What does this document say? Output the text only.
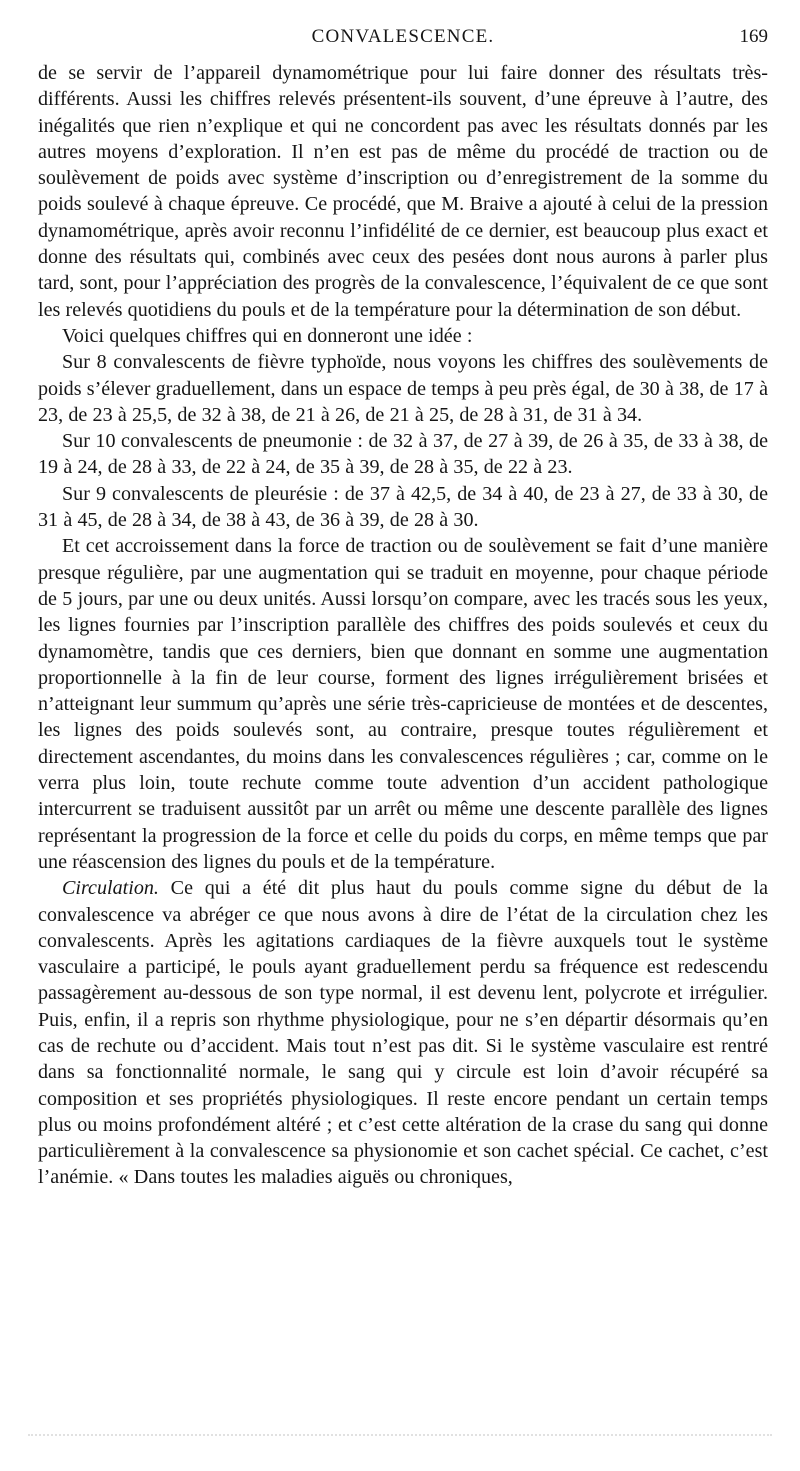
CONVALESCENCE.	169

de se servir de l’appareil dynamométrique pour lui faire donner des résultats très-différents. Aussi les chiffres relevés présentent-ils souvent, d’une épreuve à l’autre, des inégalités que rien n’explique et qui ne concordent pas avec les résultats donnés par les autres moyens d’exploration. Il n’en est pas de même du procédé de traction ou de soulèvement de poids avec système d’inscription ou d’enregistrement de la somme du poids soulevé à chaque épreuve. Ce procédé, que M. Braive a ajouté à celui de la pression dynamométrique, après avoir reconnu l’infidélité de ce dernier, est beaucoup plus exact et donne des résultats qui, combinés avec ceux des pesées dont nous aurons à parler plus tard, sont, pour l’appréciation des progrès de la convalescence, l’équivalent de ce que sont les relevés quotidiens du pouls et de la température pour la détermination de son début.

Voici quelques chiffres qui en donneront une idée :

Sur 8 convalescents de fièvre typhoïde, nous voyons les chiffres des soulèvements de poids s’élever graduellement, dans un espace de temps à peu près égal, de 30 à 38, de 17 à 23, de 23 à 25,5, de 32 à 38, de 21 à 26, de 21 à 25, de 28 à 31, de 31 à 34.

Sur 10 convalescents de pneumonie : de 32 à 37, de 27 à 39, de 26 à 35, de 33 à 38, de 19 à 24, de 28 à 33, de 22 à 24, de 35 à 39, de 28 à 35, de 22 à 23.

Sur 9 convalescents de pleurésie : de 37 à 42,5, de 34 à 40, de 23 à 27, de 33 à 30, de 31 à 45, de 28 à 34, de 38 à 43, de 36 à 39, de 28 à 30.

Et cet accroissement dans la force de traction ou de soulèvement se fait d’une manière presque régulière, par une augmentation qui se traduit en moyenne, pour chaque période de 5 jours, par une ou deux unités. Aussi lorsqu’on compare, avec les tracés sous les yeux, les lignes fournies par l’inscription parallèle des chiffres des poids soulevés et ceux du dynamomètre, tandis que ces derniers, bien que donnant en somme une augmentation proportionnelle à la fin de leur course, forment des lignes irrégulièrement brisées et n’atteignant leur summum qu’après une série très-capricieuse de montées et de descentes, les lignes des poids soulevés sont, au contraire, presque toutes régulièrement et directement ascendantes, du moins dans les convalescences régulières ; car, comme on le verra plus loin, toute rechute comme toute advention d’un accident pathologique intercurrent se traduisent aussitôt par un arrêt ou même une descente parallèle des lignes représentant la progression de la force et celle du poids du corps, en même temps que par une réascension des lignes du pouls et de la température.

Circulation. Ce qui a été dit plus haut du pouls comme signe du début de la convalescence va abréger ce que nous avons à dire de l’état de la circulation chez les convalescents. Après les agitations cardiaques de la fièvre auxquels tout le système vasculaire a participé, le pouls ayant graduellement perdu sa fréquence est redescendu passagèrement au-dessous de son type normal, il est devenu lent, polycrote et irrégulier. Puis, enfin, il a repris son rhythme physiologique, pour ne s’en départir désormais qu’en cas de rechute ou d’accident. Mais tout n’est pas dit. Si le système vasculaire est rentré dans sa fonctionnalité normale, le sang qui y circule est loin d’avoir récupéré sa composition et ses propriétés physiologiques. Il reste encore pendant un certain temps plus ou moins profondément altéré ; et c’est cette altération de la crase du sang qui donne particulièrement à la convalescence sa physionomie et son cachet spécial. Ce cachet, c’est l’anémie. « Dans toutes les maladies aiguës ou chroniques,
